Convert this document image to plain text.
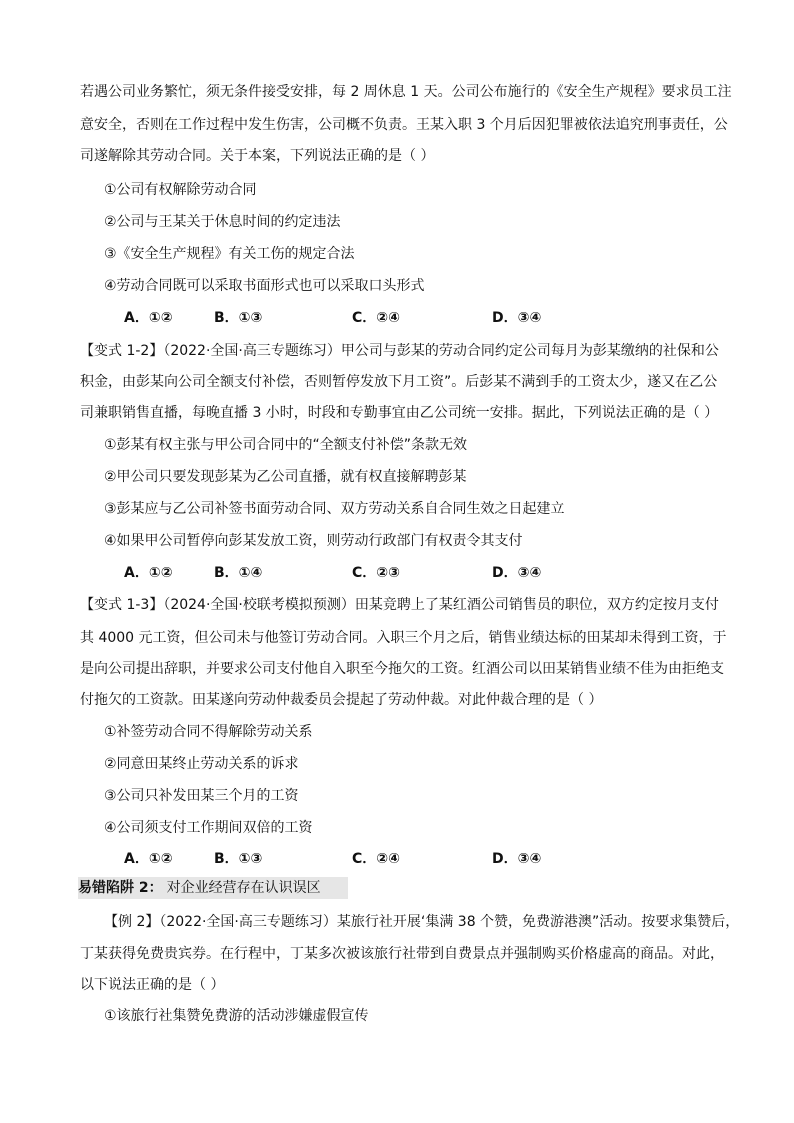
若遇公司业务繁忙，须无条件接受安排，每 2 周休息 1 天。公司公布施行的《安全生产规程》要求员工注
意安全，否则在工作过程中发生伤害，公司概不负责。王某入职 3 个月后因犯罪被依法追究刑事责任，公
司遂解除其劳动合同。关于本案，下列说法正确的是（ ）
①公司有权解除劳动合同
②公司与王某关于休息时间的约定违法
③《安全生产规程》有关工伤的规定合法
④劳动合同既可以采取书面形式也可以采取口头形式
A．①②	B．①③	C．②④	D．③④
【变式 1-2】（2022·全国·高三专题练习）甲公司与彭某的劳动合同约定公司每月为彭某缴纳的社保和公
积金，由彭某向公司全额支付补偿，否则暂停发放下月工资”。后彭某不满到手的工资太少，遂又在乙公
司兼职销售直播，每晚直播 3 小时，时段和专勤事宜由乙公司统一安排。据此，下列说法正确的是（ ）
①彭某有权主张与甲公司合同中的“全额支付补偿”条款无效
②甲公司只要发现彭某为乙公司直播，就有权直接解聘彭某
③彭某应与乙公司补签书面劳动合同、双方劳动关系自合同生效之日起建立
④如果甲公司暂停向彭某发放工资，则劳动行政部门有权责令其支付
A．①②	B．①④	C．②③	D．③④
【变式 1-3】（2024·全国·校联考模拟预测）田某竞聘上了某红酒公司销售员的职位，双方约定按月支付
其 4000 元工资，但公司未与他签订劳动合同。入职三个月之后，销售业绩达标的田某却未得到工资，于
是向公司提出辞职，并要求公司支付他自入职至今拖欠的工资。红酒公司以田某销售业绩不佳为由拒绝支
付拖欠的工资款。田某遂向劳动仲裁委员会提起了劳动仲裁。对此仲裁合理的是（ ）
①补签劳动合同不得解除劳动关系
②同意田某终止劳动关系的诉求
③公司只补发田某三个月的工资
④公司须支付工作期间双倍的工资
A．①②	B．①③	C．②④	D．③④
易错陷阱 2： 对企业经营存在认识误区
【例 2】（2022·全国·高三专题练习）某旅行社开展‘集满 38 个赞，免费游港澳”活动。按要求集赞后，
丁某获得免费贵宾券。在行程中，丁某多次被该旅行社带到自费景点并强制购买价格虚高的商品。对此，
以下说法正确的是（ ）
①该旅行社集赞免费游的活动涉嫌虚假宣传
